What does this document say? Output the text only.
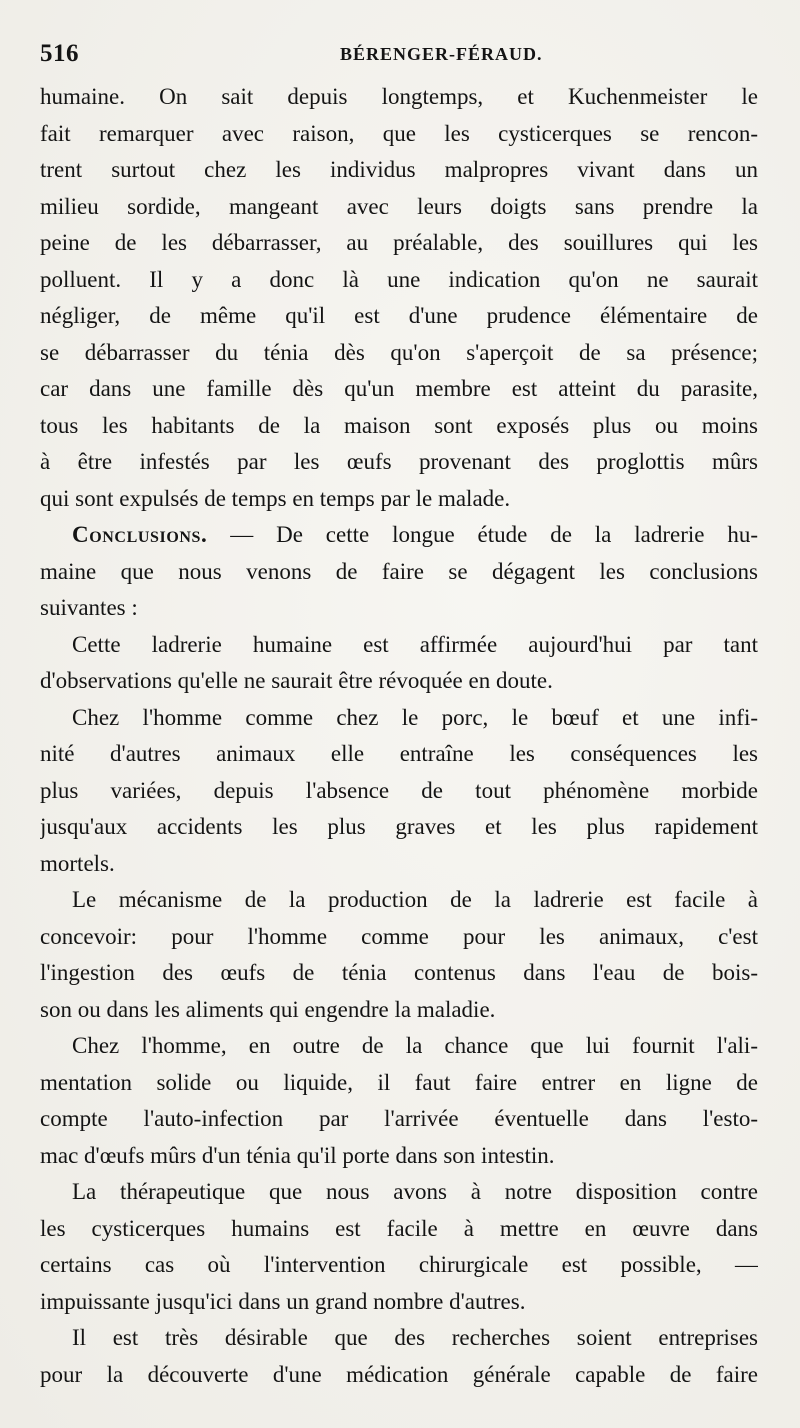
516	BÉRENGER-FÉRAUD.
humaine. On sait depuis longtemps, et Kuchenmeister le
fait remarquer avec raison, que les cysticerques se rencon-
trent surtout chez les individus malpropres vivant dans un
milieu sordide, mangeant avec leurs doigts sans prendre la
peine de les débarrasser, au préalable, des souillures qui les
polluent. Il y a donc là une indication qu'on ne saurait
négliger, de même qu'il est d'une prudence élémentaire de
se débarrasser du ténia dès qu'on s'aperçoit de sa présence;
car dans une famille dès qu'un membre est atteint du parasite,
tous les habitants de la maison sont exposés plus ou moins
à être infestés par les œufs provenant des proglottis mûrs
qui sont expulsés de temps en temps par le malade.
Conclusions. — De cette longue étude de la ladrerie hu-
maine que nous venons de faire se dégagent les conclusions
suivantes :
Cette ladrerie humaine est affirmée aujourd'hui par tant
d'observations qu'elle ne saurait être révoquée en doute.
Chez l'homme comme chez le porc, le bœuf et une infi-
nité d'autres animaux elle entraîne les conséquences les
plus variées, depuis l'absence de tout phénomène morbide
jusqu'aux accidents les plus graves et les plus rapidement
mortels.
Le mécanisme de la production de la ladrerie est facile à
concevoir: pour l'homme comme pour les animaux, c'est
l'ingestion des œufs de ténia contenus dans l'eau de bois-
son ou dans les aliments qui engendre la maladie.
Chez l'homme, en outre de la chance que lui fournit l'ali-
mentation solide ou liquide, il faut faire entrer en ligne de
compte l'auto-infection par l'arrivée éventuelle dans l'esto-
mac d'œufs mûrs d'un ténia qu'il porte dans son intestin.
La thérapeutique que nous avons à notre disposition contre
les cysticerques humains est facile à mettre en œuvre dans
certains cas où l'intervention chirurgicale est possible, —
impuissante jusqu'ici dans un grand nombre d'autres.
Il est très désirable que des recherches soient entreprises
pour la découverte d'une médication générale capable de faire
